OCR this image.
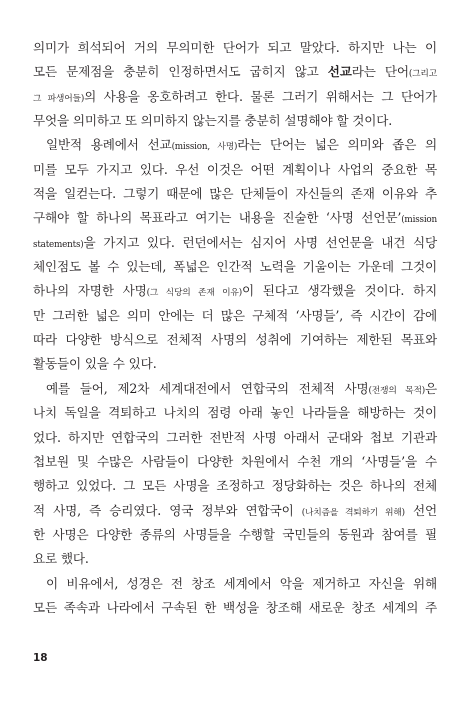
의미가 희석되어 거의 무의미한 단어가 되고 말았다. 하지만 나는 이
모든 문제점을 충분히 인정하면서도 굽히지 않고 선교라는 단어(그리고
그 파생어들)의 사용을 옹호하려고 한다. 물론 그러기 위해서는 그 단어가
무엇을 의미하고 또 의미하지 않는지를 충분히 설명해야 할 것이다.
일반적 용례에서 선교(mission, 사명)라는 단어는 넓은 의미와 좁은 의
미를 모두 가지고 있다. 우선 이것은 어떤 계획이나 사업의 중요한 목
적을 일컫는다. 그렇기 때문에 많은 단체들이 자신들의 존재 이유와 추
구해야 할 하나의 목표라고 여기는 내용을 진술한 ‘사명 선언문’(mission
statements)을 가지고 있다. 런던에서는 심지어 사명 선언문을 내건 식당
체인점도 볼 수 있는데, 폭넓은 인간적 노력을 기울이는 가운데 그것이
하나의 자명한 사명(그 식당의 존재 이유)이 된다고 생각했을 것이다. 하지
만 그러한 넓은 의미 안에는 더 많은 구체적 ‘사명들’, 즉 시간이 감에
따라 다양한 방식으로 전체적 사명의 성취에 기여하는 제한된 목표와
활동들이 있을 수 있다.
예를 들어, 제2차 세계대전에서 연합국의 전체적 사명(전쟁의 목적)은
나치 독일을 격퇴하고 나치의 점령 아래 놓인 나라들을 해방하는 것이
었다. 하지만 연합국의 그러한 전반적 사명 아래서 군대와 첩보 기관과
첩보원 및 수많은 사람들이 다양한 차원에서 수천 개의 ‘사명들’을 수
행하고 있었다. 그 모든 사명을 조정하고 정당화하는 것은 하나의 전체
적 사명, 즉 승리였다. 영국 정부와 연합국이 (나치즘을 격퇴하기 위해) 선언
한 사명은 다양한 종류의 사명들을 수행할 국민들의 동원과 참여를 필
요로 했다.
이 비유에서, 성경은 전 창조 세계에서 악을 제거하고 자신을 위해
모든 족속과 나라에서 구속된 한 백성을 창조해 새로운 창조 세계의 주
18
